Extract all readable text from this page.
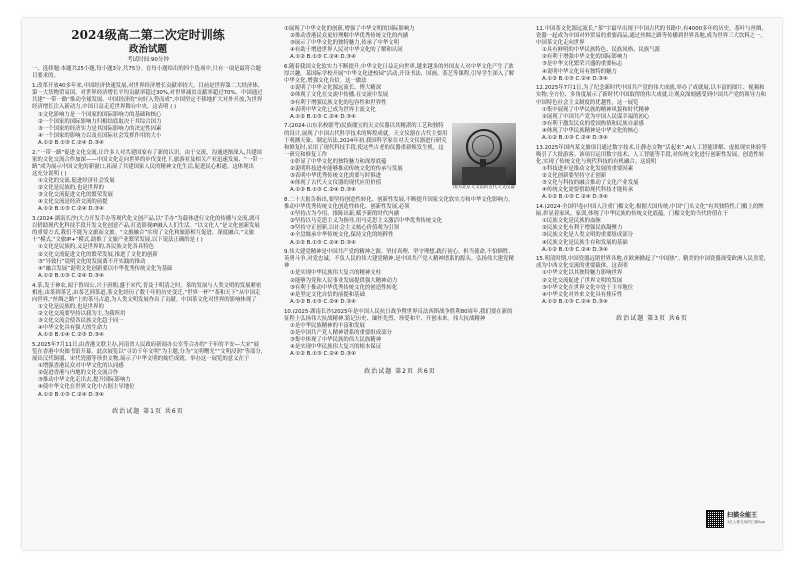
2024级高二第二次定时训练
政治试题
考试时间:90分钟
一、选择题:本题共25小题,每小题3分,共75分。在每小题给出的四个选项中,只有一项是最符合题目要求的。
1.改革开放40多年来,中国经济快速发展,对世界经济增长贡献率较大。目前是世界第二大经济体、第一大货物贸易国。对世界经济增长平均贡献率超过30%,对世界减贫贡献率超过70%。中国通过共建“一带一路”推动全球发展、中国经济的“向好入势而成”,中国坚定不移地扩大对外开放,为世界
经济增长注入新动力,中国日益走近世界舞台中央。这表明 ( )
①文化影响力是一个国家的国际影响力的基础和核心
②一个国家的国际影响力归根结底取决于其综合国力
③一个国家的经济实力是其国际影响力的决定性因素
④一个国家的影响力以及在国际社会发挥作用的大小
A.①② B.①③ C.②④ D.③④
2.“一带一路”促进文化交流,让许多人对共建国家有了新的认识。由于交流、沟通逐渐深入,共建国家的文化交流合作加深——中国文化走向世界的步伐变化下,旅游业及相关产业迅速发展、“一带一路”成为展示中国文化的新窗口,拓展了共建国家人民的精神文化生活,促进民心相通。这体现出
这充分说明 ( )
①文化的交流,促进经济社会发展
②文化是民族的,也是世界的
③文化交流促进文化的繁荣发展
④文化交流是经济交流的前提
A.①② B.①③ C.②④ D.③④
3.(2024·湖南长沙)大力开发手办等现代化文创产品,以“手办”为载体进行文化的传播与交流,就可以借助现代化科技手段开发文化创意产品,打造影视IP融入人们生活。“以文化人”是文化创新发展的重要方式,我们不能为文旅而文旅。“文旅融合”实现了文化和旅游相互促进、深度融合,“文旅十”模式,“文旅IP+”模式,助推了文旅产业繁荣发展,以下说法正确的是 ( )
①文化是民族的,又是世界的,各民族文化各具特色
②文化交流促进文化的繁荣发展,推进了文化的创新
③“导致行”说明文化的发展离不开实践的推动
④“融合发展”说明文化创新要以中华优秀传统文化为基础
A.①② B.①③ C.②④ D.③④
4.茶,发于神农,闻于鲁周公,兴于唐朝,盛于宋代,普及于明清之时。茶的发展与人类文明的发展紧密相连,由茶到茶艺,由茶艺到茶道,茶文化经历了数千年的历史变迁,“世界一杯”“茶和天下”从中国走向世界,“丝绸之路”上的茶马古道,为人类文明发展作出了贡献。中国茶文化对世界的影响体现了
①文化是民族的,也是世界的
②文化交流要坚持以我为主,为我所用
③文化交流会使各民族文化趋于同一
④中华文化具有强大的生命力
A.①② B.①④ C.②③ D.③④
5.2025年7月11日,由香港文联主办,河南省人民政府新闻办公室等合办的“千年的平安—大宋”展览在香港中央图书馆开幕。此次展览以“寻访千年文明”为主题,分为“文明曙光”“文明浸润”等部分,展出汉代铜器、宋代瓷器等珍贵文物,展示了中华文明的灿烂成就。举办这一展览的意义在于
①增强香港民众对中华文化的认同感
②促进香港与内地的文化交流合作
③推动中华文化走出去,提升国际影响力
④使中华文化在世界文化中占据主导地位
A.①② B.①③ C.②④ D.③④
政治试题 第1页 共6页
①展现了中华文化的创新,增强了中华文明的国际影响力
②推动香港民众更好理解中华优秀传统文化的内涵
③展示了中华文化的独特魅力,传承了中华文明
④有助于增进世界人民对中华文化的了解和认同
A.①② B.①③ C.②④ D.③④
6.随着我国文化软实力不断提升,中华文化日益走向世界,越来越多的外国友人对中华文化产生了浓厚兴趣。某国际学校开展“中华文化进校园”活动,开设书法、国画、茶艺等课程,引导学生深入了解中华文化,增强文化自信。这一做法
①说明了中华文化源远流长、博大精深
②体现了文化在交流中传播,在交流中发展
③有利于增强民族文化的包容性和世界性
④表明中华文化已成为世界主流文化
A.①② B.①③ C.②④ D.③④
图为北京天文馆的古代天文仪器
7.(2024·山东名校联考)民族瑰宝的天文仪器以其精湛的工艺和独特的设计,展现了中国古代科学技术的辉煌成就。天文仪器在古代主要用于观测天象、制定历法,2024年初,我国科学家在对天文仪器进行研究和修复时,采用了现代科技手段,使这些古老的仪器重新焕发生机。这一研究和修复工作
①彰显了中华文化的独特魅力和深厚底蕴
②说明科技进步能够推动传统文化的传承与发展
③表明中华优秀传统文化需要与时俱进
④体现了古代天文仪器的现代应用价值
A.①② B.①③ C.②④ D.③④
8.二十大报告指出,要坚持创造性转化、创新性发展,不断提升国家文化软实力和中华文化影响力。推动中华优秀传统文化创造性转化、创新性发展,必须
①坚持古为今用、推陈出新,赋予新的时代内涵
②坚持以马克思主义为指导,用马克思主义激活中华优秀传统文化
③坚持守正创新,以社会主义核心价值观为引领
④全盘继承中华传统文化,保持文化的纯粹性
A.①② B.①③ C.②④ D.③④
9.伟大建党精神是中国共产党的精神之源。坚持真理、坚守理想,践行初心、担当使命,不怕牺牲、英勇斗争,对党忠诚、不负人民的伟大建党精神,是中国共产党人精神谱系的源头。弘扬伟大建党精神
①是实现中华民族伟大复兴的精神支柱
②能够为党和人民事业发展提供强大精神动力
③有利于推动中华优秀传统文化的创造性转化
④是坚定文化自信的前提和基础
A.①② B.①③ C.②④ D.③④
10.(2025·湖南长沙)2025年是中国人民抗日战争暨世界反法西斯战争胜利80周年,我们要在新的征程上弘扬伟大抗战精神,铭记历史、缅怀先烈、珍爱和平、开创未来。伟大抗战精神
①是中华民族精神的丰富和发展
②是中国共产党人精神谱系的重要组成部分
③集中体现了中华民族的伟大民族精神
④是实现中华民族伟大复兴的根本保证
A.①② B.①③ C.②④ D.③④
政治试题 第2页 共6页
11.中国茶文化源远流长,“茶”字最早出现于中国古代的书籍中,有4000多年的历史。茶叶与丝绸、瓷器一起成为中国对外贸易的重要商品,通过丝绸之路等传播到世界各地,成为世界三大饮料之一。中国茶文化走向世界
①具有鲜明的中华民族特色、民族风格、民族气派
②有利于增强中华文化的国际影响力
③是中华文化繁荣兴盛的重要标志
④说明中华文化具有独特的魅力
A.①② B.①③ C.②④ D.③④
12.2025年7月1日,为了纪念新时代中国共产党的伟大成就,举办了成就展,以丰富的图片、视频和实物,全方位、多角度展示了新时代中国取得的伟大成就,让观众深刻感受到中国共产党的领导力和中国特色社会主义制度的优越性。这一展览
①集中展现了中华民族的精神风貌和时代精神
②展现了中国共产党为中国人民谋幸福的初心
③有利于激发民众的爱国热情和民族自豪感
④体现了中华民族精神是中华文化的核心
A.①② B.①③ C.②④ D.③④
13.2025年国内某文旅项目通过数字技术,让静态文物“活起来”,AI人工智能讲解、虚拟现实体验等吸引了大批游客。该项目运用数字技术、人工智能等手段,对传统文化进行创新性发展、创造性转化,实现了传统文化与现代科技的有机融合。这说明
①科技进步是推动文化发展的重要因素
②文化创新要坚持守正创新
③文化与科技的融合推动了文化产业发展
④传统文化需要借助现代科技才能传承
A.①② B.①③ C.②④ D.③④
14.(2024·全国甲卷)中国人注重门楣文化,根据大国传统,中国“门头文化”有其独特性,门楣上的牌匾,彰显着家风、家训,体现了中华民族的传统文化底蕴。门楣文化的当代价值在于
①民族文化是民族的血脉
②民族文化有利于增强民族凝聚力
③民族文化是人类文明的重要组成部分
④民族文化是民族生存和发展的基础
A.①② B.①③ C.②④ D.③④
15.明清时期,中国瓷器远销世界各地,在欧洲掀起了“中国热”。精美的中国瓷器深受欧洲人民喜爱,成为中西文化交流的重要载体。这表明
①中华文化以其独特魅力影响世界
②文化交流促进了世界文明的发展
③中华文化在世界文化中处于主导地位
④中华文化对外来文化具有排斥性
A.①② B.①③ C.②④ D.③④
政治试题 第3页 共6页
扫描全能王
3亿人都在用的扫描App
